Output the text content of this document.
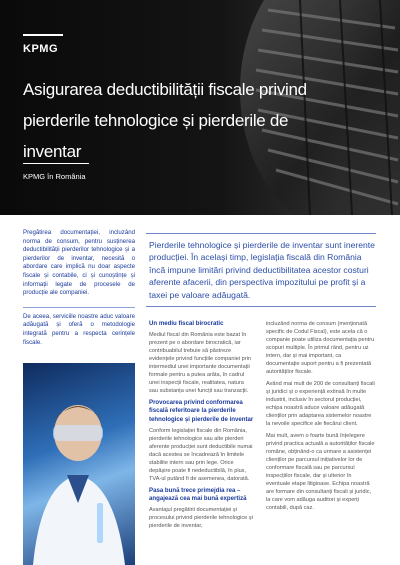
KPMG
Asigurarea deductibilității fiscale privind pierderile tehnologice și pierderile de inventar
KPMG în România

Pregătirea documentației, incluzând norma de consum, pentru susținerea deductibilității pierderilor tehnologice și a pierderilor de inventar, necesită o abordare care implică nu doar aspecte fiscale și contabile, ci și cunoștințe și informații legate de procesele de producție ale companiei.

De aceea, serviciile noastre aduc valoare adăugată și oferă o metodologie integrată pentru a respecta cerințele fiscale.

Pierderile tehnologice și pierderile de inventar sunt inerente producției. În același timp, legislația fiscală din România încă impune limitări privind deductibilitatea acestor costuri aferente afacerii, din perspectiva impozitului pe profit și a taxei pe valoare adăugată.
Un mediu fiscal birocratic

Mediul fiscal din România este bazat în prezent pe o abordare birocratică, iar contribuabilul trebuie să păstreze evidențele privind funcțiile companiei prin intermediul unei importante documentații formale pentru a putea arăta, în cadrul unei inspecții fiscale, realitatea, natura sau substanța unei funcții sau tranzacții.

Provocarea privind conformarea fiscală referitoare la pierderile tehnologice și pierderile de inventar

Conform legislației fiscale din România, pierderile tehnologice sau alte pierderi aferente producției sunt deductibile numai dacă acestea se încadrează în limitele stabilite intern sau prin lege. Orice depășire poate fi nedeductibilă, în plus, TVA-ul putând fi de asemenea, datorată.

Pasa bună trece primejdia rea – angajează cea mai bună expertiză

Avantajul pregătirii documentației și procesului privind pierderile tehnologice și pierderile de inventar,

incluzând norma de consum (menționată specific de Codul Fiscal), este acela că o companie poate utiliza documentația pentru scopuri multiple. În primul rând, pentru uz intern, dar și mai important, ca documentație suport pentru a fi prezentată autorităților fiscale.

Având mai mult de 200 de consultanți fiscali și juridici și o experiență extinsă în multe industrii, inclusiv în sectorul producției, echipa noastră aduce valoare adăugată clienților prin adaptarea sistemelor noastre la nevoile specifice ale fiecărui client.

Mai mult, avem o foarte bună înțelegere privind practica actuală a autorităților fiscale române, obținând-o ca urmare a asistenței clienților pe parcursul inițiativelor lor de conformare fiscală sau pe parcursul inspecțiilor fiscale, dar și ulterior în eventuale etape litigioase. Echipa noastră are formare din consultanți fiscali și juridic, la care vom adăuga auditori și experți contabili, după caz.
